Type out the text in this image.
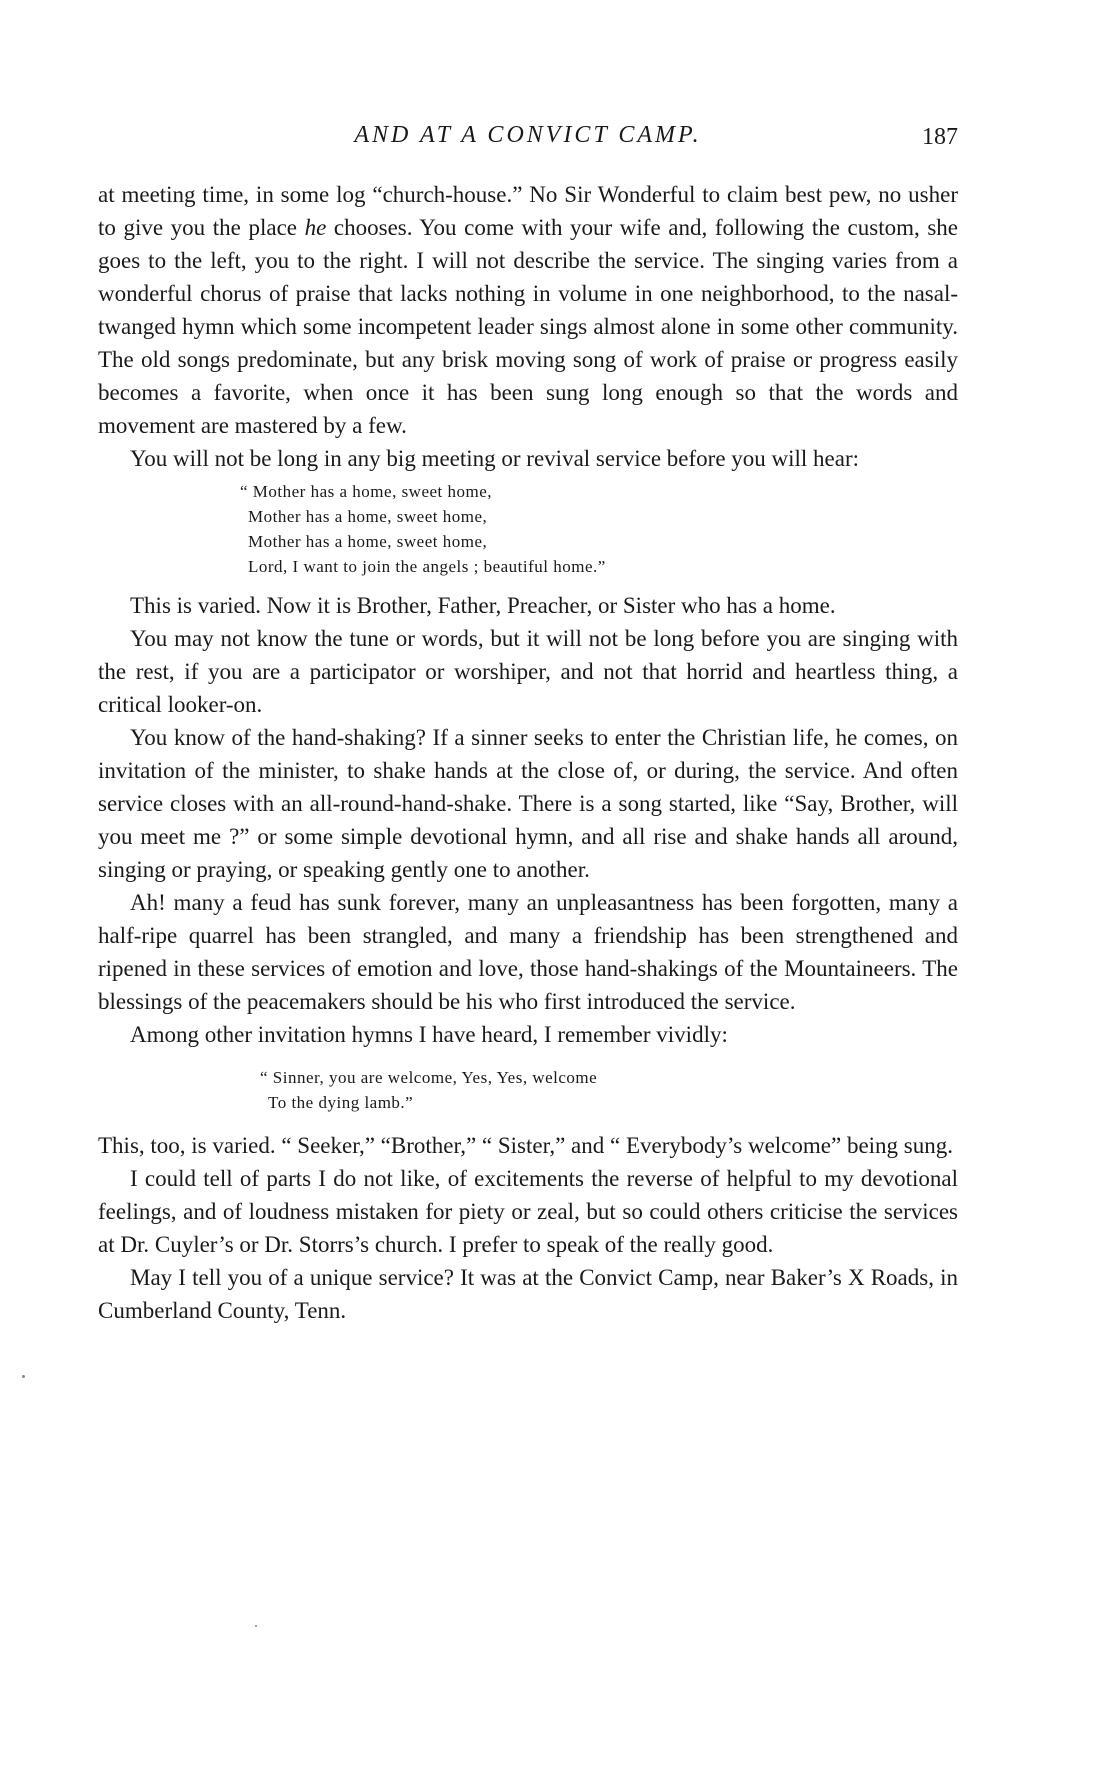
AND AT A CONVICT CAMP.	187

at meeting time, in some log “church-house.” No Sir Wonderful to claim best pew, no usher to give you the place he chooses. You come with your wife and, following the custom, she goes to the left, you to the right. I will not describe the service. The singing varies from a wonderful chorus of praise that lacks nothing in volume in one neighborhood, to the nasal-twanged hymn which some incompetent leader sings almost alone in some other community. The old songs predominate, but any brisk moving song of work of praise or progress easily becomes a favorite, when once it has been sung long enough so that the words and movement are mastered by a few.

You will not be long in any big meeting or revival service before you will hear:

“ Mother has a home, sweet home,
Mother has a home, sweet home,
Mother has a home, sweet home,
Lord, I want to join the angels ; beautiful home.”

This is varied. Now it is Brother, Father, Preacher, or Sister who has a home.

You may not know the tune or words, but it will not be long before you are singing with the rest, if you are a participator or worshiper, and not that horrid and heartless thing, a critical looker-on.

You know of the hand-shaking? If a sinner seeks to enter the Christian life, he comes, on invitation of the minister, to shake hands at the close of, or during, the service. And often service closes with an all-round-hand-shake. There is a song started, like “Say, Brother, will you meet me ?” or some simple devotional hymn, and all rise and shake hands all around, singing or praying, or speaking gently one to another.

Ah! many a feud has sunk forever, many an unpleasantness has been forgotten, many a half-ripe quarrel has been strangled, and many a friendship has been strengthened and ripened in these services of emotion and love, those hand-shakings of the Mountaineers. The blessings of the peacemakers should be his who first introduced the service.

Among other invitation hymns I have heard, I remember vividly:

“ Sinner, you are welcome, Yes, Yes, welcome
To the dying lamb.”

This, too, is varied. “ Seeker,” “Brother,” “ Sister,” and “ Everybody’s welcome” being sung.

I could tell of parts I do not like, of excitements the reverse of helpful to my devotional feelings, and of loudness mistaken for piety or zeal, but so could others criticise the services at Dr. Cuyler’s or Dr. Storrs’s church. I prefer to speak of the really good.

May I tell you of a unique service? It was at the Convict Camp, near Baker’s X Roads, in Cumberland County, Tenn.
